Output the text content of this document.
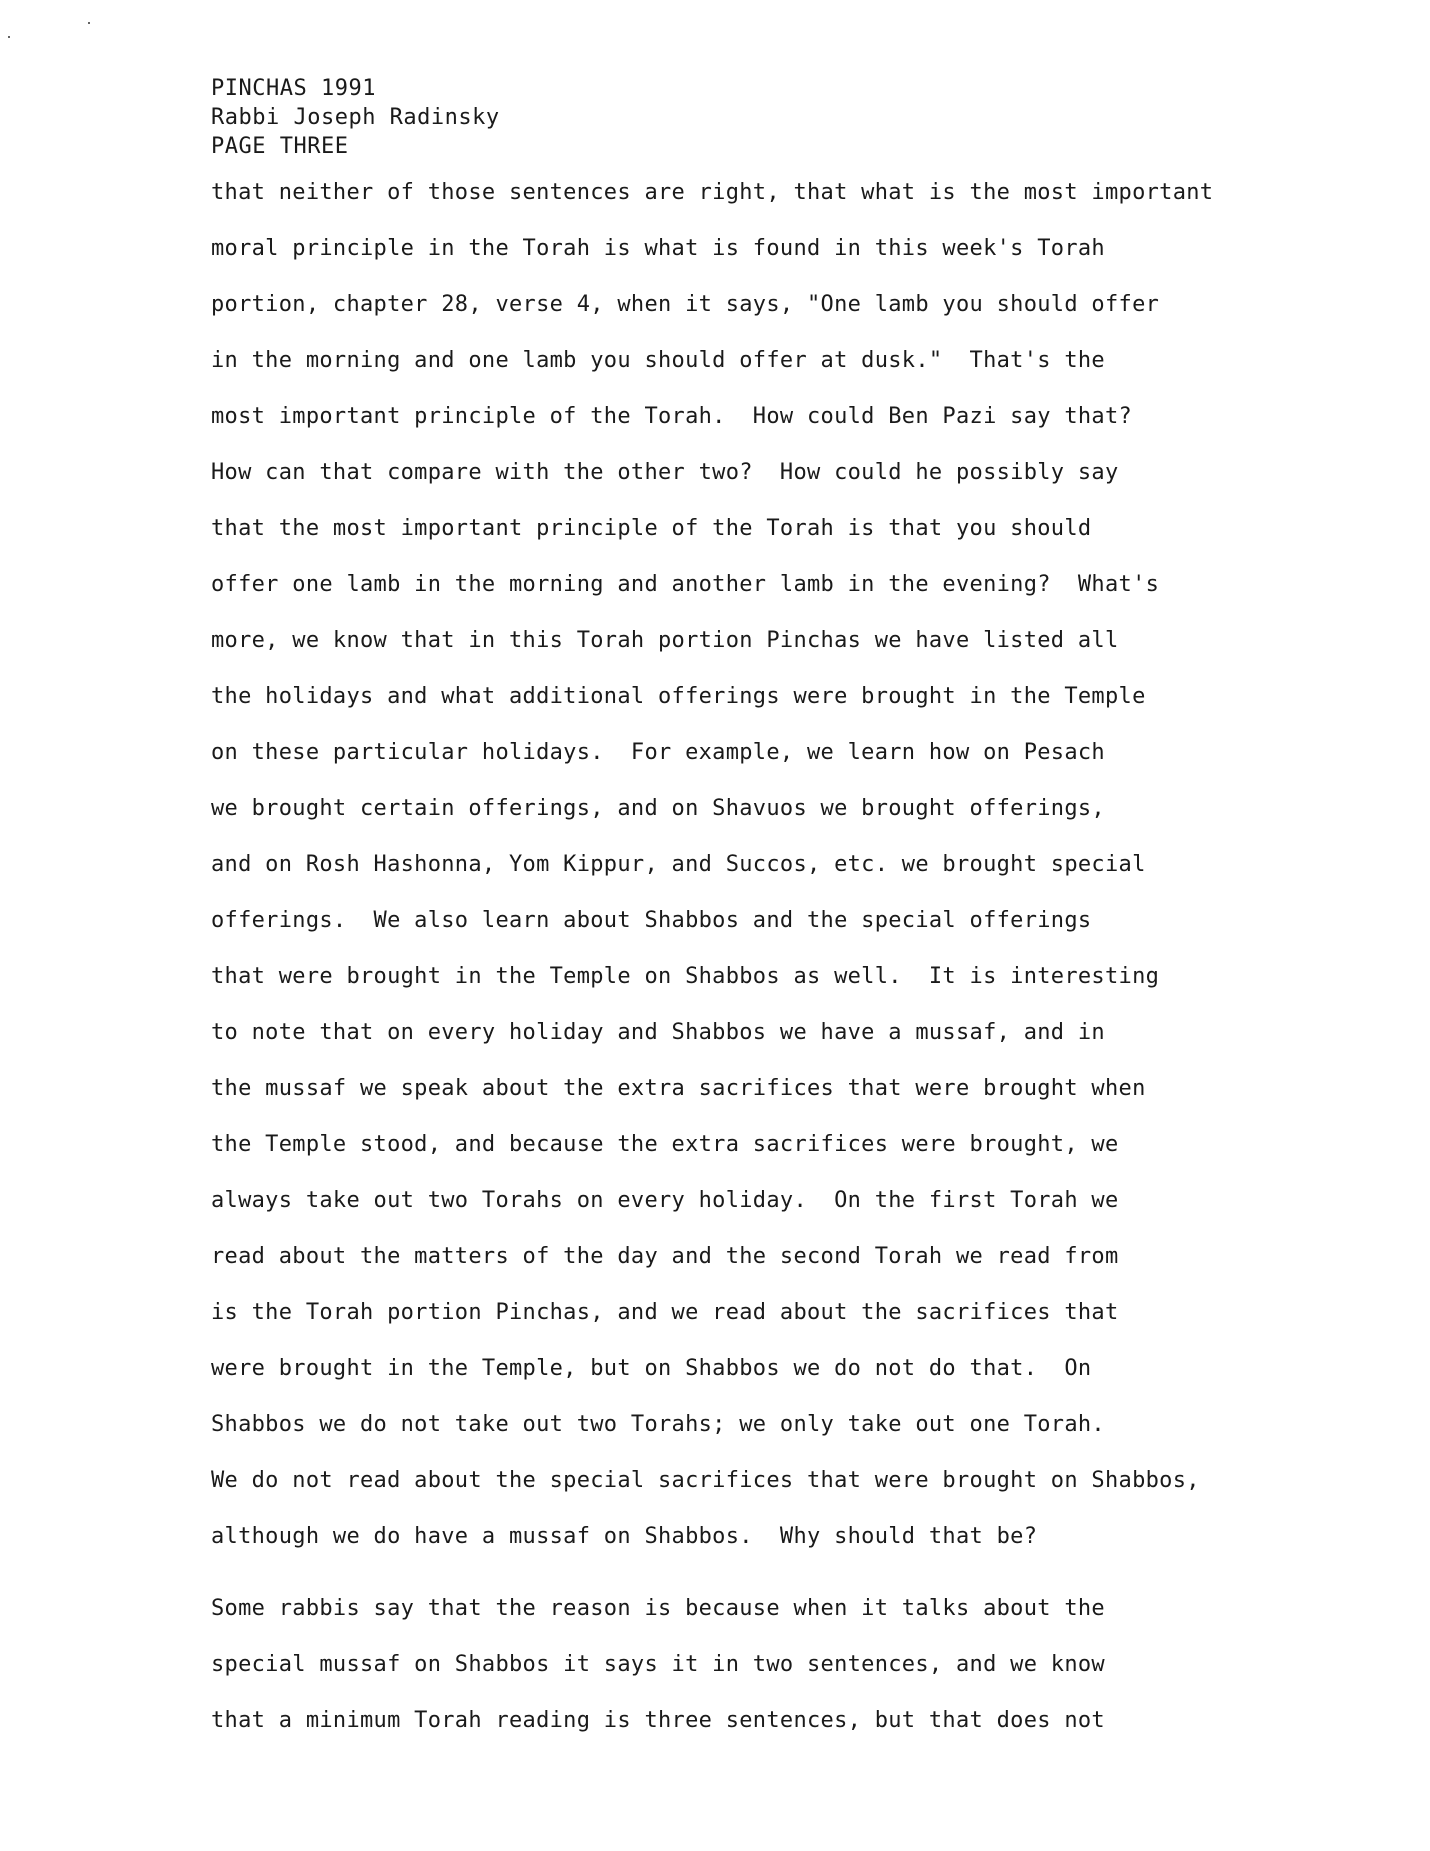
PINCHAS 1991
Rabbi Joseph Radinsky
PAGE THREE
that neither of those sentences are right, that what is the most important
moral principle in the Torah is what is found in this week's Torah
portion, chapter 28, verse 4, when it says, "One lamb you should offer
in the morning and one lamb you should offer at dusk."  That's the
most important principle of the Torah.  How could Ben Pazi say that?
How can that compare with the other two?  How could he possibly say
that the most important principle of the Torah is that you should
offer one lamb in the morning and another lamb in the evening?  What's
more, we know that in this Torah portion Pinchas we have listed all
the holidays and what additional offerings were brought in the Temple
on these particular holidays.  For example, we learn how on Pesach
we brought certain offerings, and on Shavuos we brought offerings,
and on Rosh Hashonna, Yom Kippur, and Succos, etc. we brought special
offerings.  We also learn about Shabbos and the special offerings
that were brought in the Temple on Shabbos as well.  It is interesting
to note that on every holiday and Shabbos we have a mussaf, and in
the mussaf we speak about the extra sacrifices that were brought when
the Temple stood, and because the extra sacrifices were brought, we
always take out two Torahs on every holiday.  On the first Torah we
read about the matters of the day and the second Torah we read from
is the Torah portion Pinchas, and we read about the sacrifices that
were brought in the Temple, but on Shabbos we do not do that.  On
Shabbos we do not take out two Torahs; we only take out one Torah.
We do not read about the special sacrifices that were brought on Shabbos,
although we do have a mussaf on Shabbos.  Why should that be?
Some rabbis say that the reason is because when it talks about the
special mussaf on Shabbos it says it in two sentences, and we know
that a minimum Torah reading is three sentences, but that does not
